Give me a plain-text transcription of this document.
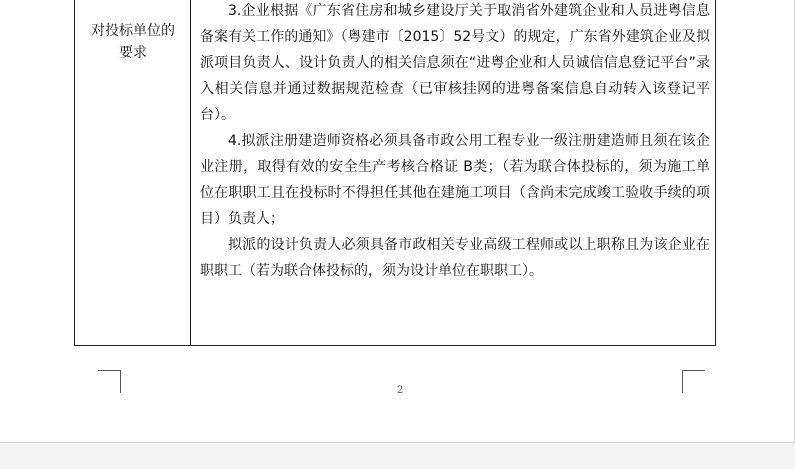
对投标单位的要求

3.企业根据《广东省住房和城乡建设厅关于取消省外建筑企业和人员进粤信息备案有关工作的通知》（粤建市〔2015〕52号文）的规定，广东省外建筑企业及拟派项目负责人、设计负责人的相关信息须在“进粤企业和人员诚信信息登记平台”录入相关信息并通过数据规范检查（已审核挂网的进粤备案信息自动转入该登记平台）。

4.拟派注册建造师资格必须具备市政公用工程专业一级注册建造师且须在该企业注册，取得有效的安全生产考核合格证 B类；（若为联合体投标的，须为施工单位在职职工且在投标时不得担任其他在建施工项目（含尚未完成竣工验收手续的项目）负责人；

拟派的设计负责人必须具备市政相关专业高级工程师或以上职称且为该企业在职职工（若为联合体投标的，须为设计单位在职职工）。

2
